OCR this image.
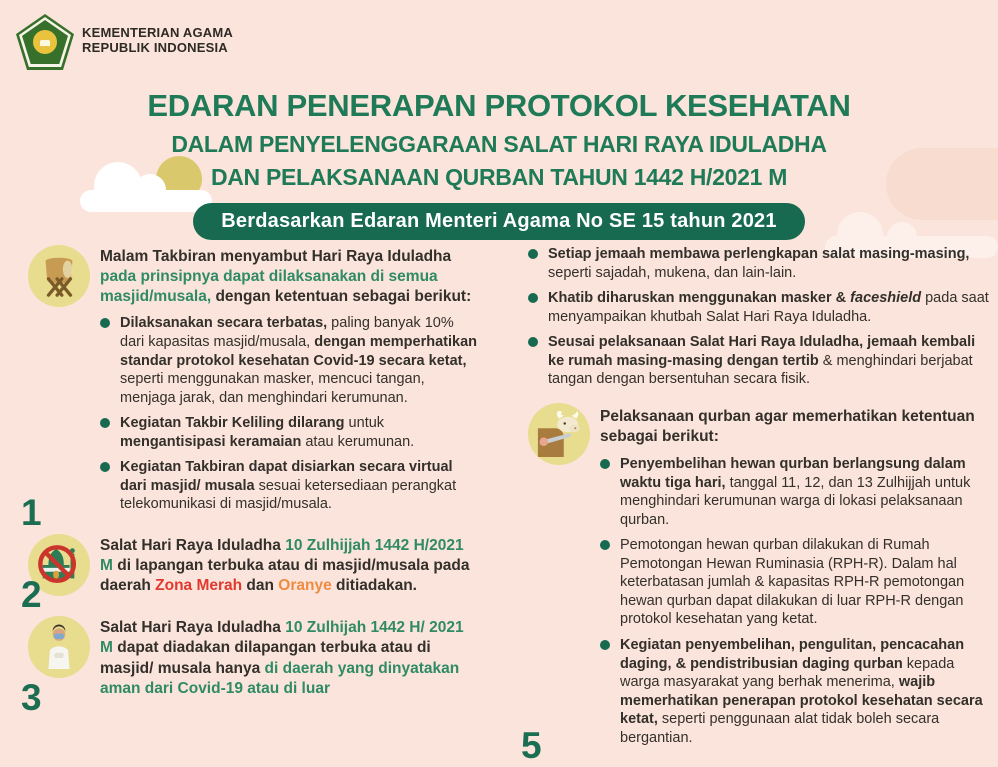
KEMENTERIAN AGAMA
REPUBLIK INDONESIA
EDARAN PENERAPAN PROTOKOL KESEHATAN
DALAM PENYELENGGARAAN SALAT HARI RAYA IDULADHA
DAN PELAKSANAAN QURBAN TAHUN 1442 H/2021 M
Berdasarkan Edaran Menteri Agama No SE 15 tahun 2021
1
Malam Takbiran menyambut Hari Raya Iduladha pada prinsipnya dapat dilaksanakan di semua masjid/musala, dengan ketentuan sebagai berikut:
Dilaksanakan secara terbatas, paling banyak 10% dari kapasitas masjid/musala, dengan memperhatikan standar protokol kesehatan Covid-19 secara ketat, seperti menggunakan masker, mencuci tangan, menjaga jarak, dan menghindari kerumunan.
Kegiatan Takbir Keliling dilarang untuk mengantisipasi keramaian atau kerumunan.
Kegiatan Takbiran dapat disiarkan secara virtual dari masjid/ musala sesuai ketersediaan perangkat telekomunikasi di masjid/musala.
2
Salat Hari Raya Iduladha 10 Zulhijjah 1442 H/2021 M di lapangan terbuka atau di masjid/musala pada daerah Zona Merah dan Oranye ditiadakan.
3
Salat Hari Raya Iduladha 10 Zulhijah 1442 H/ 2021 M dapat diadakan dilapangan terbuka atau di masjid/ musala hanya di daerah yang dinyatakan aman dari Covid-19 atau di luar
Setiap jemaah membawa perlengkapan salat masing-masing, seperti sajadah, mukena, dan lain-lain.
Khatib diharuskan menggunakan masker & faceshield pada saat menyampaikan khutbah Salat Hari Raya Iduladha.
Seusai pelaksanaan Salat Hari Raya Iduladha, jemaah kembali ke rumah masing-masing dengan tertib & menghindari berjabat tangan dengan bersentuhan secara fisik.
5
Pelaksanaan qurban agar memerhatikan ketentuan sebagai berikut:
Penyembelihan hewan qurban berlangsung dalam waktu tiga hari, tanggal 11, 12, dan 13 Zulhijjah untuk menghindari kerumunan warga di lokasi pelaksanaan qurban.
Pemotongan hewan qurban dilakukan di Rumah Pemotongan Hewan Ruminasia (RPH-R). Dalam hal keterbatasan jumlah & kapasitas RPH-R pemotongan hewan qurban dapat dilakukan di luar RPH-R dengan protokol kesehatan yang ketat.
Kegiatan penyembelihan, pengulitan, pencacahan daging, & pendistribusian daging qurban kepada warga masyarakat yang berhak menerima, wajib memerhatikan penerapan protokol kesehatan secara ketat, seperti penggunaan alat tidak boleh secara bergantian.
